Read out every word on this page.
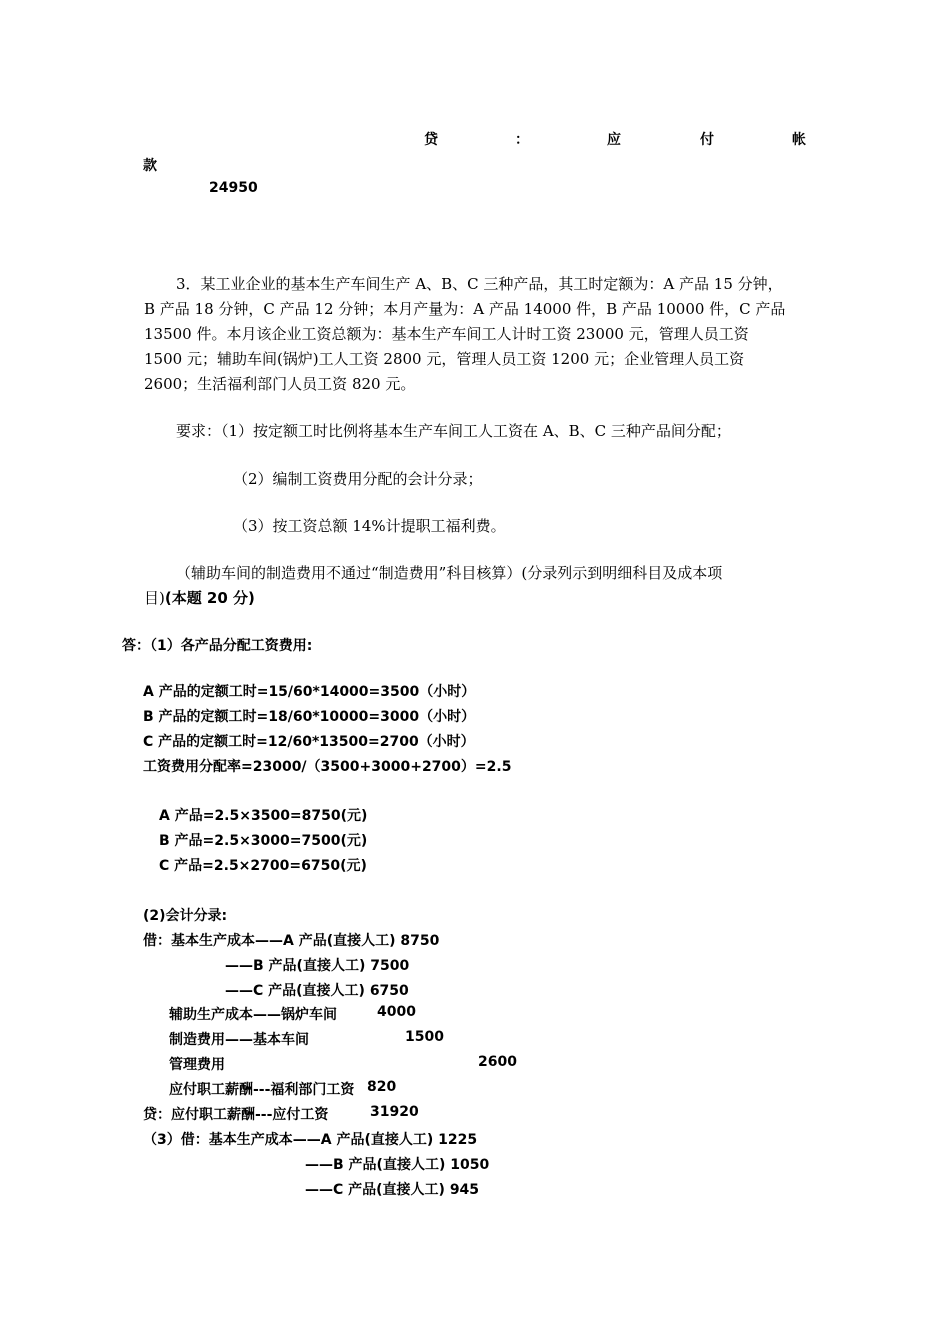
贷	：	应	付	帐
款
24950
3．某工业企业的基本生产车间生产 A、B、C 三种产品，其工时定额为：A 产品 15 分钟，
B 产品 18 分钟，C 产品 12 分钟；本月产量为：A 产品 14000 件，B 产品 10000 件，C 产品
13500 件。本月该企业工资总额为：基本生产车间工人计时工资 23000 元，管理人员工资
1500 元；辅助车间(锅炉)工人工资 2800 元，管理人员工资 1200 元；企业管理人员工资
2600；生活福利部门人员工资 820 元。
要求：（1）按定额工时比例将基本生产车间工人工资在 A、B、C 三种产品间分配；
（2）编制工资费用分配的会计分录；
（3）按工资总额 14%计提职工福利费。
（辅助车间的制造费用不通过“制造费用”科目核算）(分录列示到明细科目及成本项
目)(本题 20 分)
答：（1）各产品分配工资费用:
A 产品的定额工时=15/60*14000=3500（小时）
B 产品的定额工时=18/60*10000=3000（小时）
C 产品的定额工时=12/60*13500=2700（小时）
工资费用分配率=23000/（3500+3000+2700）=2.5
A 产品=2.5×3500=8750(元)
B 产品=2.5×3000=7500(元)
C 产品=2.5×2700=6750(元)
(2)会计分录:
借：基本生产成本——A 产品(直接人工) 8750
——B 产品(直接人工) 7500
——C 产品(直接人工) 6750
辅助生产成本——锅炉车间	4000
制造费用——基本车间	1500
管理费用	2600
应付职工薪酬---福利部门工资 820
贷：应付职工薪酬---应付工资	31920
（3）借：基本生产成本——A 产品(直接人工) 1225
——B 产品(直接人工) 1050
——C 产品(直接人工) 945
